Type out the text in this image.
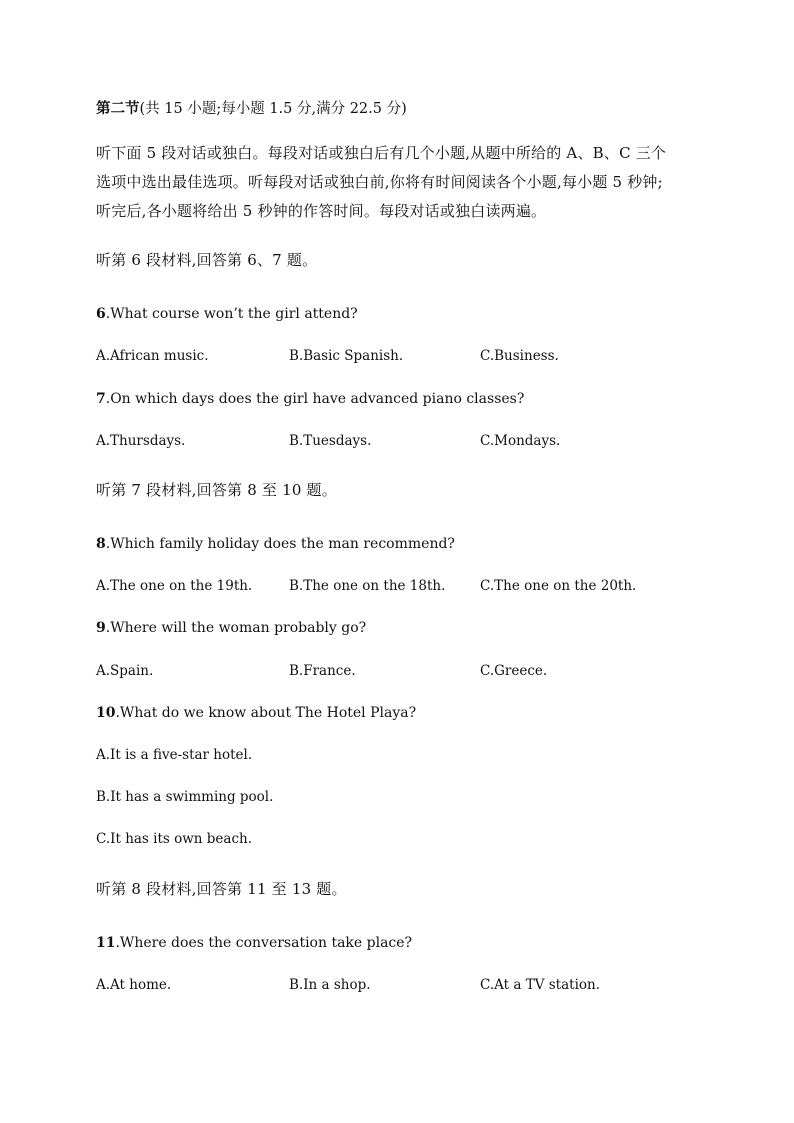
第二节(共 15 小题;每小题 1.5 分,满分 22.5 分)
听下面 5 段对话或独白。每段对话或独白后有几个小题,从题中所给的 A、B、C 三个
选项中选出最佳选项。听每段对话或独白前,你将有时间阅读各个小题,每小题 5 秒钟;
听完后,各小题将给出 5 秒钟的作答时间。每段对话或独白读两遍。
听第 6 段材料,回答第 6、7 题。
6.What course won’t the girl attend?
A.African music.	B.Basic Spanish.	C.Business.
7.On which days does the girl have advanced piano classes?
A.Thursdays.	B.Tuesdays.	C.Mondays.
听第 7 段材料,回答第 8 至 10 题。
8.Which family holiday does the man recommend?
A.The one on the 19th.	B.The one on the 18th.	C.The one on the 20th.
9.Where will the woman probably go?
A.Spain.	B.France.	C.Greece.
10.What do we know about The Hotel Playa?
A.It is a five-star hotel.
B.It has a swimming pool.
C.It has its own beach.
听第 8 段材料,回答第 11 至 13 题。
11.Where does the conversation take place?
A.At home.	B.In a shop.	C.At a TV station.
